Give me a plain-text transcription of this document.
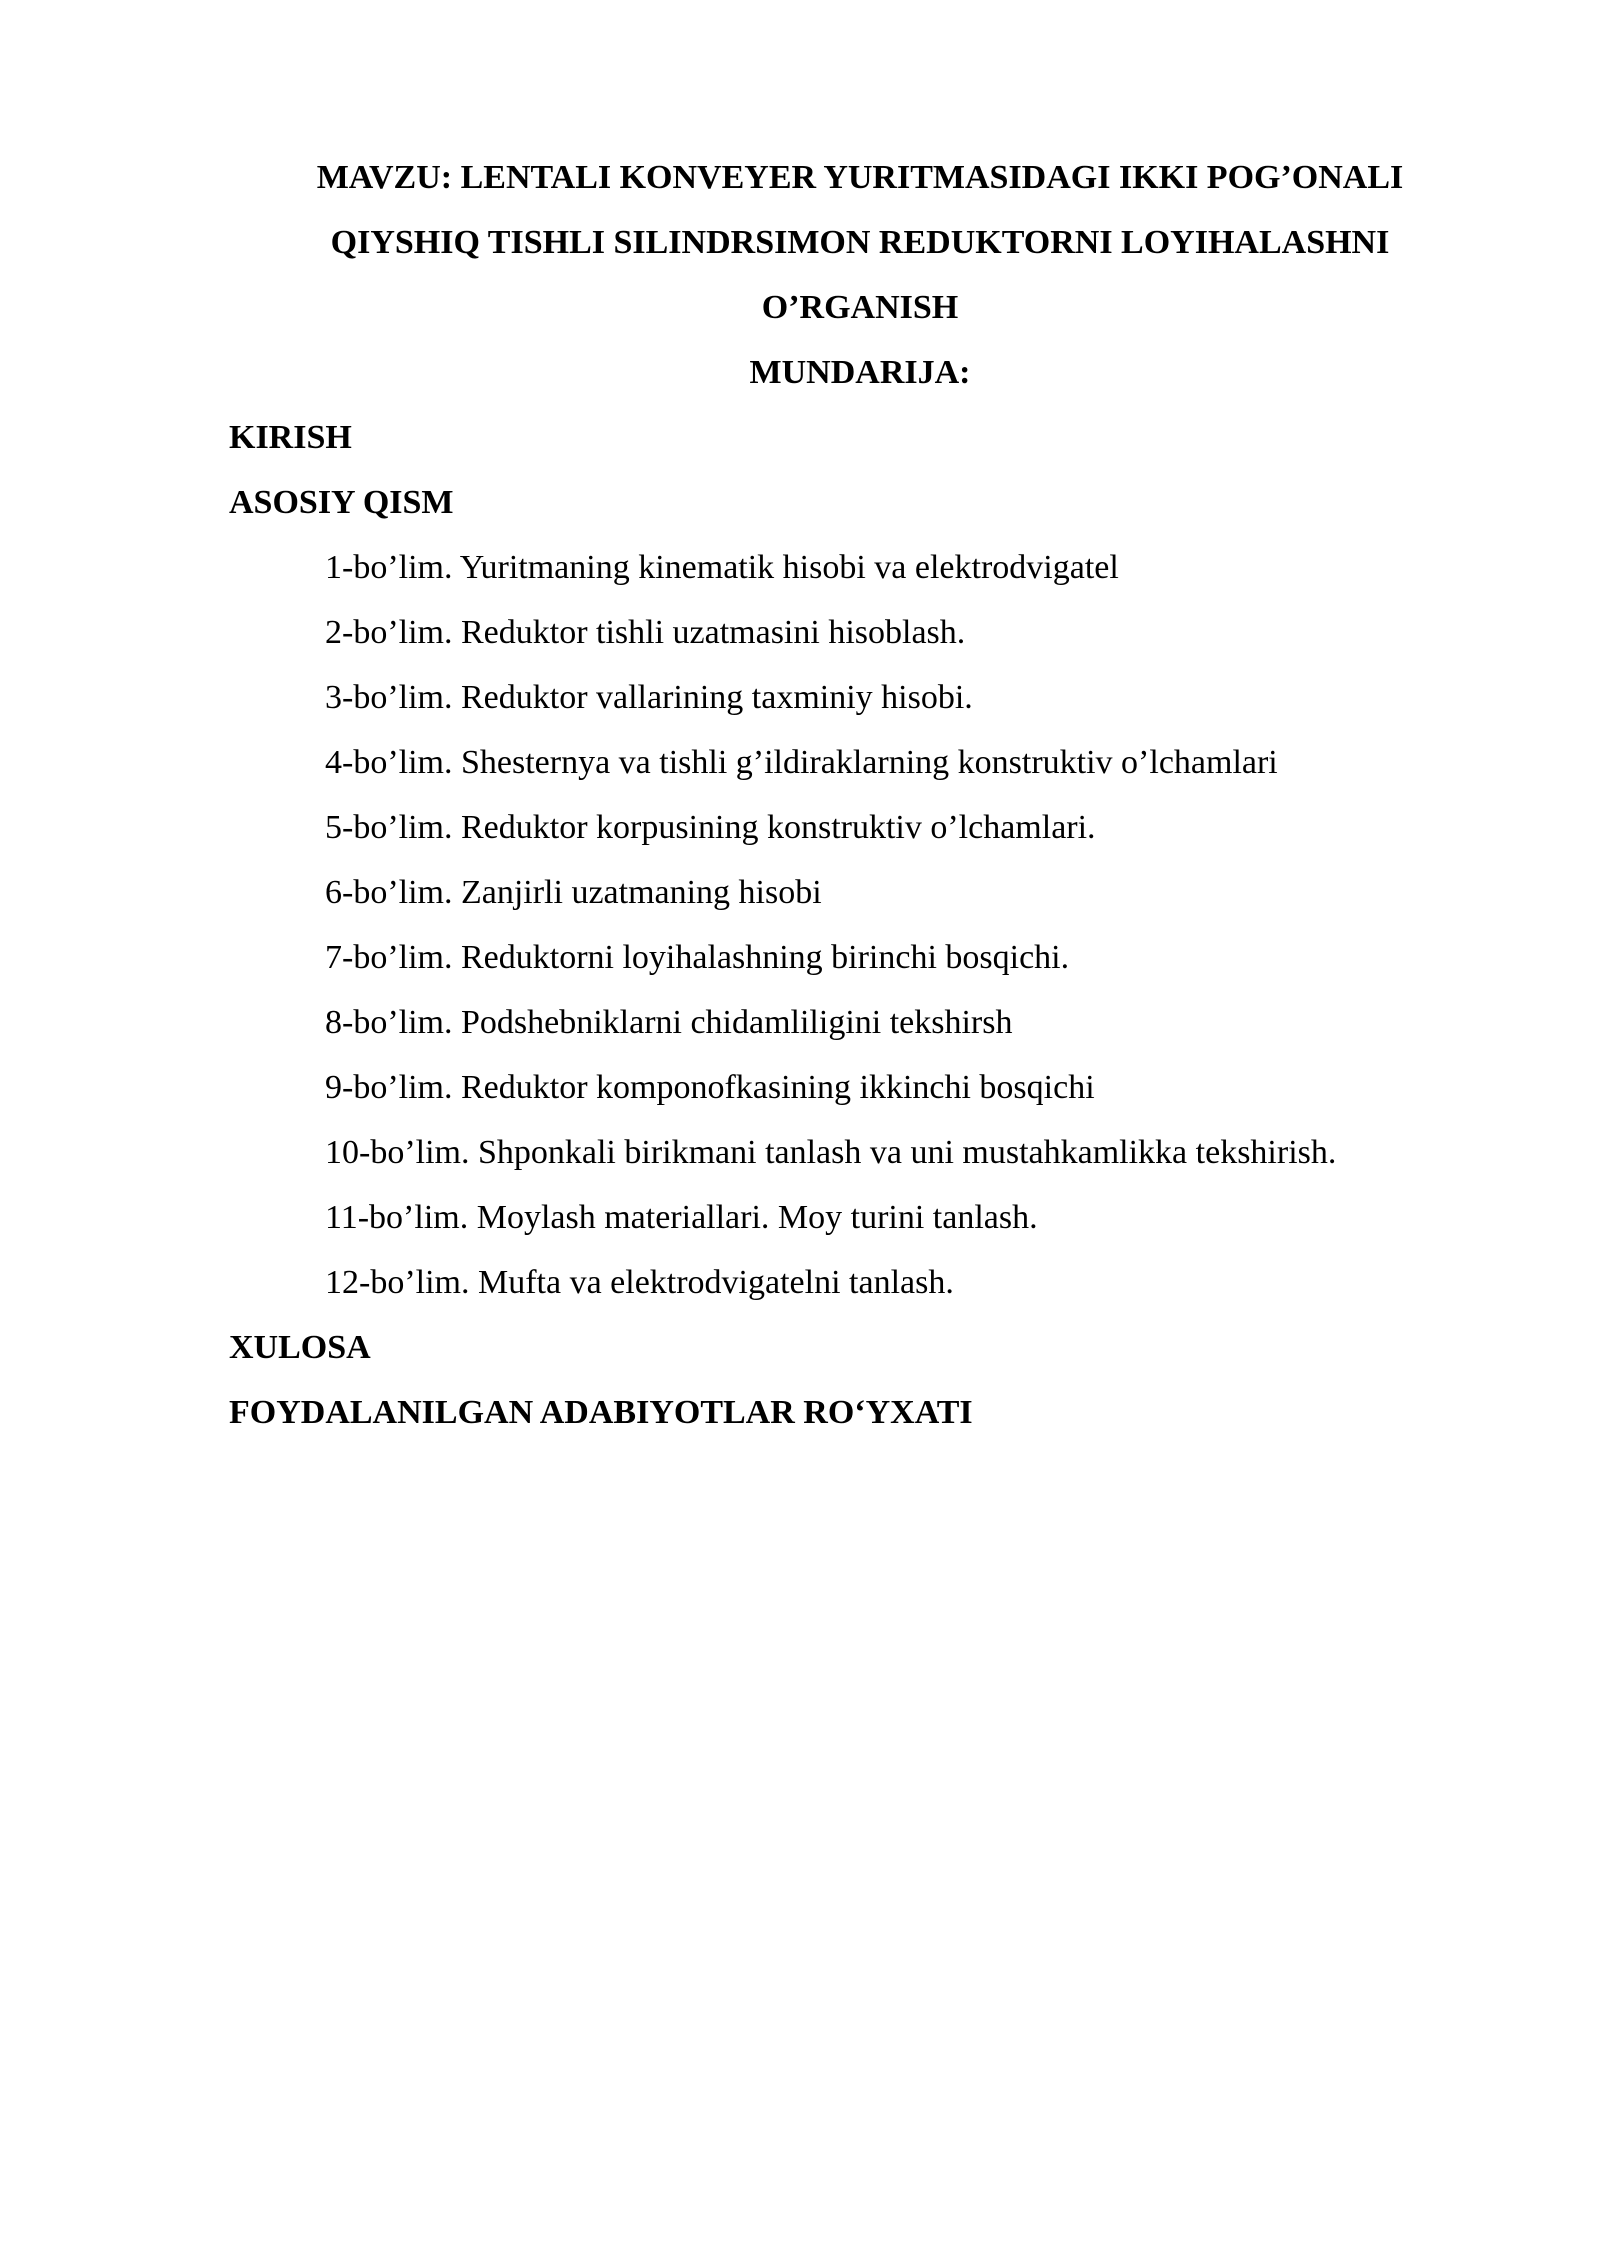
MAVZU: LENTALI KONVEYER YURITMASIDAGI IKKI POG’ONALI
QIYSHIQ TISHLI SILINDRSIMON REDUKTORNI LOYIHALASHNI
O’RGANISH
MUNDARIJA:
KIRISH
ASOSIY QISM
1-bo’lim. Yuritmaning kinematik hisobi va elektrodvigatel
2-bo’lim. Reduktor tishli uzatmasini hisoblash.
3-bo’lim. Reduktor vallarining taxminiy hisobi.
4-bo’lim. Shesternya va tishli g’ildiraklarning konstruktiv o’lchamlari
5-bo’lim. Reduktor korpusining konstruktiv o’lchamlari.
6-bo’lim. Zanjirli uzatmaning hisobi
7-bo’lim. Reduktorni loyihalashning birinchi bosqichi.
8-bo’lim. Podshebniklarni chidamliligini tekshirsh
9-bo’lim. Reduktor komponofkasining ikkinchi bosqichi
10-bo’lim. Shponkali birikmani tanlash va uni mustahkamlikka tekshirish.
11-bo’lim. Moylash materiallari. Moy turini tanlash.
12-bo’lim. Mufta va elektrodvigatelni tanlash.
XULOSA
FOYDALANILGAN ADABIYOTLAR RO‘YXATI
